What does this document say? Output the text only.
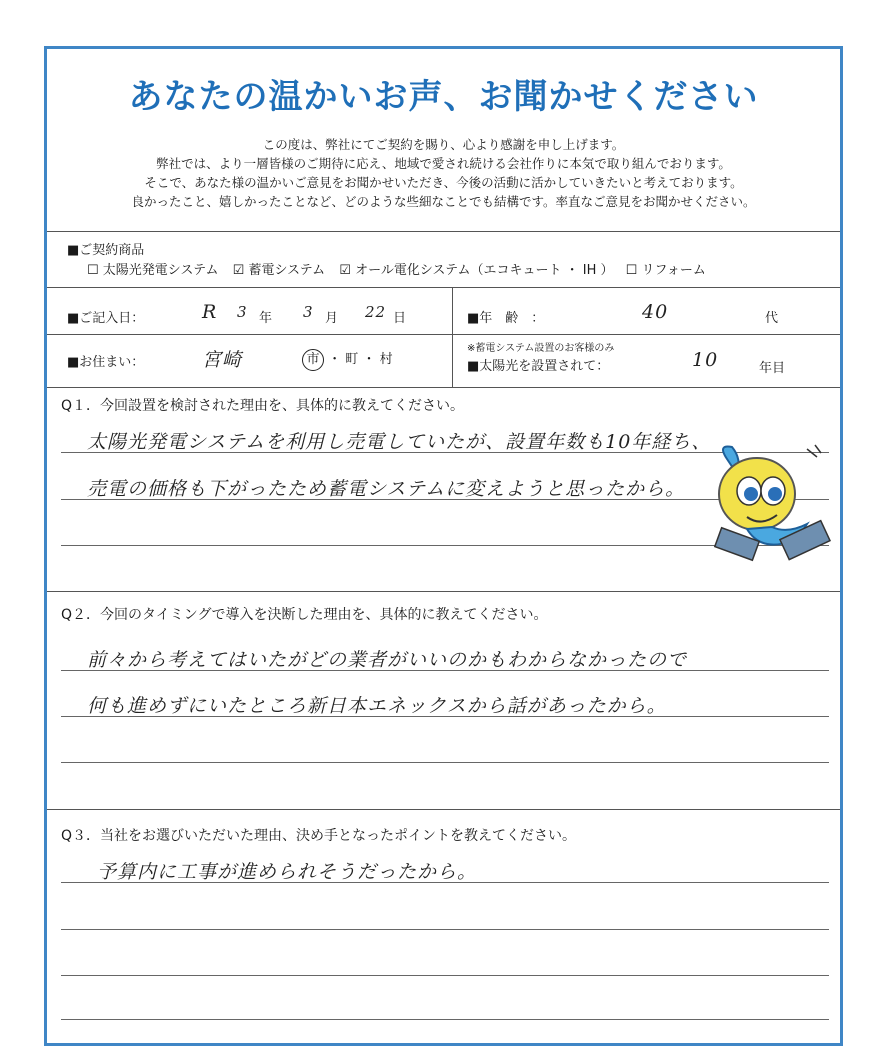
あなたの温かいお声、お聞かせください
この度は、弊社にてご契約を賜り、心より感謝を申し上げます。
弊社では、より一層皆様のご期待に応え、地域で愛され続ける会社作りに本気で取り組んでおります。
そこで、あなた様の温かいご意見をお聞かせいただき、今後の活動に活かしていきたいと考えております。
良かったこと、嬉しかったことなど、どのような些細なことでも結構です。率直なご意見をお聞かせください。
■ご契約商品
☐ 太陽光発電システム ☑ 蓄電システム ☑ オール電化システム（エコキュート ・ IH ） ☐ リフォーム
■ご記入日：	R 3 年 3 月 22 日	■年　齢　：	40	代
■お住まい：	宮崎	市 ・ 町 ・ 村
※蓄電システム設置のお客様のみ
■太陽光を設置されて：	10	年目
Q１．今回設置を検討された理由を、具体的に教えてください。
太陽光発電システムを利用し売電していたが、設置年数も10年経ち、
売電の価格も下がったため蓄電システムに変えようと思ったから。
Q２．今回のタイミングで導入を決断した理由を、具体的に教えてください。
前々から考えてはいたがどの業者がいいのかもわからなかったので
何も進めずにいたところ新日本エネックスから話があったから。
Q３．当社をお選びいただいた理由、決め手となったポイントを教えてください。
予算内に工事が進められそうだったから。
